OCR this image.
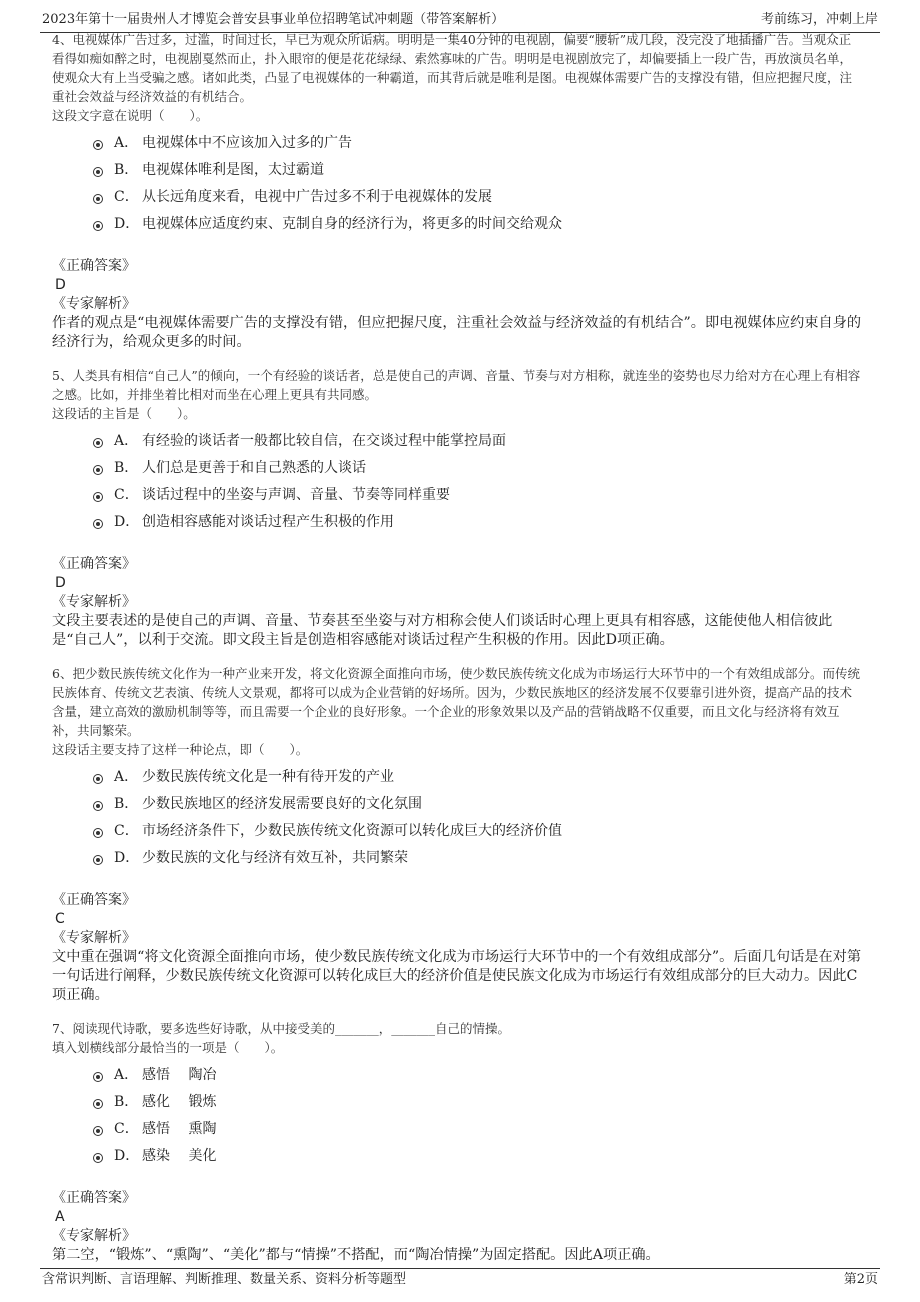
2023年第十一届贵州人才博览会普安县事业单位招聘笔试冲刺题（带答案解析）	考前练习，冲刺上岸

4、电视媒体广告过多，过滥，时间过长，早已为观众所诟病。明明是一集40分钟的电视剧，偏要“腰斩”成几段，没完没了地插播广告。当观众正看得如痴如醉之时，电视剧戛然而止，扑入眼帘的便是花花绿绿、索然寡味的广告。明明是电视剧放完了，却偏要插上一段广告，再放演员名单，使观众大有上当受骗之感。诸如此类，凸显了电视媒体的一种霸道，而其背后就是唯利是图。电视媒体需要广告的支撑没有错，但应把握尺度，注重社会效益与经济效益的有机结合。

这段文字意在说明（　　）。

A． 电视媒体中不应该加入过多的广告
B． 电视媒体唯利是图，太过霸道
C． 从长远角度来看，电视中广告过多不利于电视媒体的发展
D． 电视媒体应适度约束、克制自身的经济行为，将更多的时间交给观众
《正确答案》
D
《专家解析》
作者的观点是“电视媒体需要广告的支撑没有错，但应把握尺度，注重社会效益与经济效益的有机结合”。即电视媒体应约束自身的经济行为，给观众更多的时间。

5、人类具有相信“自己人”的倾向，一个有经验的谈话者，总是使自己的声调、音量、节奏与对方相称，就连坐的姿势也尽力给对方在心理上有相容之感。比如，并排坐着比相对而坐在心理上更具有共同感。

这段话的主旨是（　　）。

A． 有经验的谈话者一般都比较自信，在交谈过程中能掌控局面
B． 人们总是更善于和自己熟悉的人谈话
C． 谈话过程中的坐姿与声调、音量、节奏等同样重要
D． 创造相容感能对谈话过程产生积极的作用
《正确答案》
D
《专家解析》
文段主要表述的是使自己的声调、音量、节奏甚至坐姿与对方相称会使人们谈话时心理上更具有相容感，这能使他人相信彼此是“自己人”，以利于交流。即文段主旨是创造相容感能对谈话过程产生积极的作用。因此D项正确。

6、把少数民族传统文化作为一种产业来开发，将文化资源全面推向市场，使少数民族传统文化成为市场运行大环节中的一个有效组成部分。而传统民族体育、传统文艺表演、传统人文景观，都将可以成为企业营销的好场所。因为，少数民族地区的经济发展不仅要靠引进外资，提高产品的技术含量，建立高效的激励机制等等，而且需要一个企业的良好形象。一个企业的形象效果以及产品的营销战略不仅重要，而且文化与经济将有效互补，共同繁荣。

这段话主要支持了这样一种论点，即（　　）。

A． 少数民族传统文化是一种有待开发的产业
B． 少数民族地区的经济发展需要良好的文化氛围
C． 市场经济条件下，少数民族传统文化资源可以转化成巨大的经济价值
D． 少数民族的文化与经济有效互补，共同繁荣
《正确答案》
C
《专家解析》
文中重在强调“将文化资源全面推向市场，使少数民族传统文化成为市场运行大环节中的一个有效组成部分”。后面几句话是在对第一句话进行阐释，少数民族传统文化资源可以转化成巨大的经济价值是使民族文化成为市场运行有效组成部分的巨大动力。因此C项正确。

7、阅读现代诗歌，要多选些好诗歌，从中接受美的_______，_______自己的情操。

填入划横线部分最恰当的一项是（　　）。

A． 感悟　 陶冶
B． 感化　 锻炼
C． 感悟　 熏陶
D． 感染　 美化
《正确答案》
A
《专家解析》
第二空，“锻炼”、“熏陶”、“美化”都与“情操”不搭配，而“陶冶情操”为固定搭配。因此A项正确。
含常识判断、言语理解、判断推理、数量关系、资料分析等题型	第2页
